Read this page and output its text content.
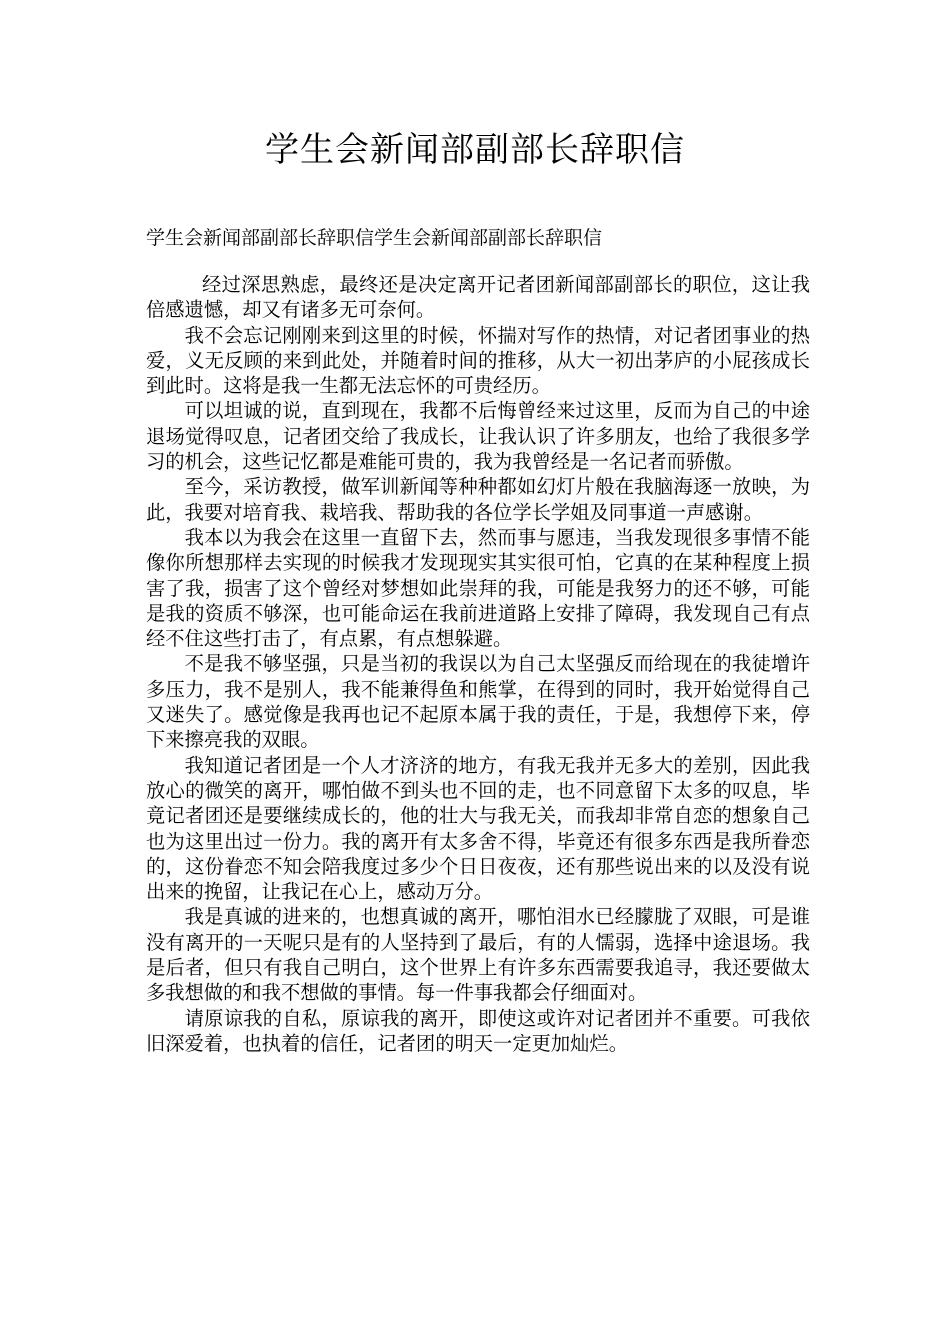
学生会新闻部副部长辞职信

学生会新闻部副部长辞职信学生会新闻部副部长辞职信

经过深思熟虑，最终还是决定离开记者团新闻部副部长的职位，这让我倍感遗憾，却又有诸多无可奈何。

我不会忘记刚刚来到这里的时候，怀揣对写作的热情，对记者团事业的热爱，义无反顾的来到此处，并随着时间的推移，从大一初出茅庐的小屁孩成长到此时。这将是我一生都无法忘怀的可贵经历。

可以坦诚的说，直到现在，我都不后悔曾经来过这里，反而为自己的中途退场觉得叹息，记者团交给了我成长，让我认识了许多朋友，也给了我很多学习的机会，这些记忆都是难能可贵的，我为我曾经是一名记者而骄傲。

至今，采访教授，做军训新闻等种种都如幻灯片般在我脑海逐一放映，为此，我要对培育我、栽培我、帮助我的各位学长学姐及同事道一声感谢。

我本以为我会在这里一直留下去，然而事与愿违，当我发现很多事情不能像你所想那样去实现的时候我才发现现实其实很可怕，它真的在某种程度上损害了我，损害了这个曾经对梦想如此崇拜的我，可能是我努力的还不够，可能是我的资质不够深，也可能命运在我前进道路上安排了障碍，我发现自己有点经不住这些打击了，有点累，有点想躲避。

不是我不够坚强，只是当初的我误以为自己太坚强反而给现在的我徒增许多压力，我不是别人，我不能兼得鱼和熊掌，在得到的同时，我开始觉得自己又迷失了。感觉像是我再也记不起原本属于我的责任，于是，我想停下来，停下来擦亮我的双眼。

我知道记者团是一个人才济济的地方，有我无我并无多大的差别，因此我放心的微笑的离开，哪怕做不到头也不回的走，也不同意留下太多的叹息，毕竟记者团还是要继续成长的，他的壮大与我无关，而我却非常自恋的想象自己也为这里出过一份力。我的离开有太多舍不得，毕竟还有很多东西是我所眷恋的，这份眷恋不知会陪我度过多少个日日夜夜，还有那些说出来的以及没有说出来的挽留，让我记在心上，感动万分。

我是真诚的进来的，也想真诚的离开，哪怕泪水已经朦胧了双眼，可是谁没有离开的一天呢只是有的人坚持到了最后，有的人懦弱，选择中途退场。我是后者，但只有我自己明白，这个世界上有许多东西需要我追寻，我还要做太多我想做的和我不想做的事情。每一件事我都会仔细面对。

请原谅我的自私，原谅我的离开，即使这或许对记者团并不重要。可我依旧深爱着，也执着的信任，记者团的明天一定更加灿烂。
